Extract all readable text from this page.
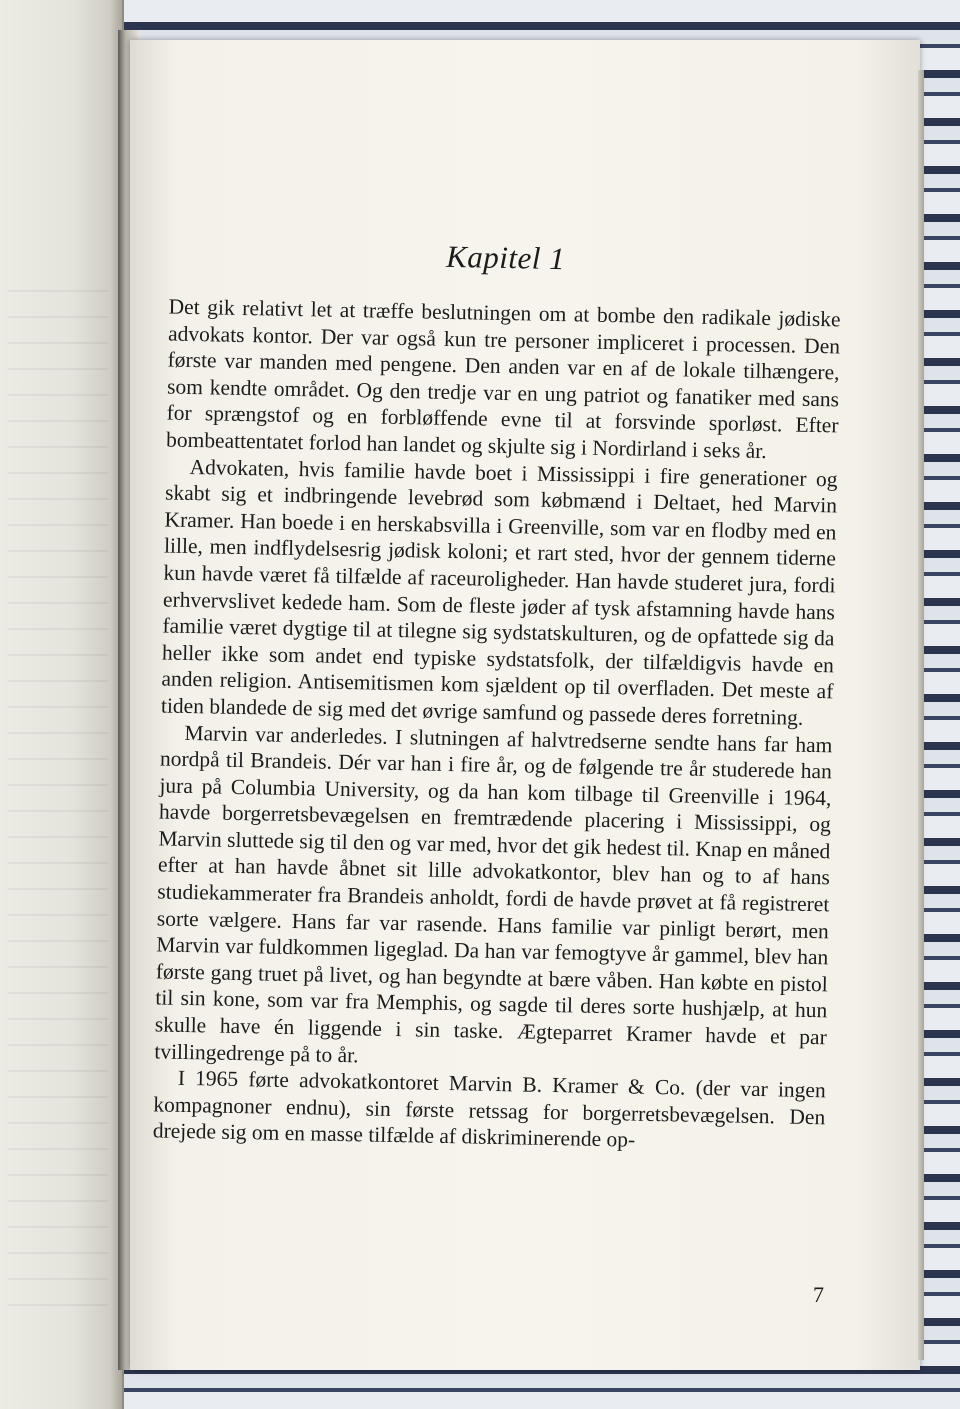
Kapitel 1

Det gik relativt let at træffe beslutningen om at bombe den radikale jødiske advokats kontor. Der var også kun tre personer impliceret i processen. Den første var manden med pengene. Den anden var en af de lokale tilhængere, som kendte området. Og den tredje var en ung patriot og fanatiker med sans for sprængstof og en forbløffende evne til at forsvinde sporløst. Efter bombeattentatet forlod han landet og skjulte sig i Nordirland i seks år.

Advokaten, hvis familie havde boet i Mississippi i fire generationer og skabt sig et indbringende levebrød som købmænd i Deltaet, hed Marvin Kramer. Han boede i en herskabsvilla i Greenville, som var en flodby med en lille, men indflydelsesrig jødisk koloni; et rart sted, hvor der gennem tiderne kun havde været få tilfælde af raceuroligheder. Han havde studeret jura, fordi erhvervslivet kedede ham. Som de fleste jøder af tysk afstamning havde hans familie været dygtige til at tilegne sig sydstatskulturen, og de opfattede sig da heller ikke som andet end typiske sydstatsfolk, der tilfældigvis havde en anden religion. Antisemitismen kom sjældent op til overfladen. Det meste af tiden blandede de sig med det øvrige samfund og passede deres forretning.

Marvin var anderledes. I slutningen af halvtredserne sendte hans far ham nordpå til Brandeis. Dér var han i fire år, og de følgende tre år studerede han jura på Columbia University, og da han kom tilbage til Greenville i 1964, havde borgerretsbevægelsen en fremtrædende placering i Mississippi, og Marvin sluttede sig til den og var med, hvor det gik hedest til. Knap en måned efter at han havde åbnet sit lille advokatkontor, blev han og to af hans studiekammerater fra Brandeis anholdt, fordi de havde prøvet at få registreret sorte vælgere. Hans far var rasende. Hans familie var pinligt berørt, men Marvin var fuldkommen ligeglad. Da han var femogtyve år gammel, blev han første gang truet på livet, og han begyndte at bære våben. Han købte en pistol til sin kone, som var fra Memphis, og sagde til deres sorte hushjælp, at hun skulle have én liggende i sin taske. Ægteparret Kramer havde et par tvillingedrenge på to år.

I 1965 førte advokatkontoret Marvin B. Kramer & Co. (der var ingen kompagnoner endnu), sin første retssag for borgerretsbevægelsen. Den drejede sig om en masse tilfælde af diskriminerende op-

7
